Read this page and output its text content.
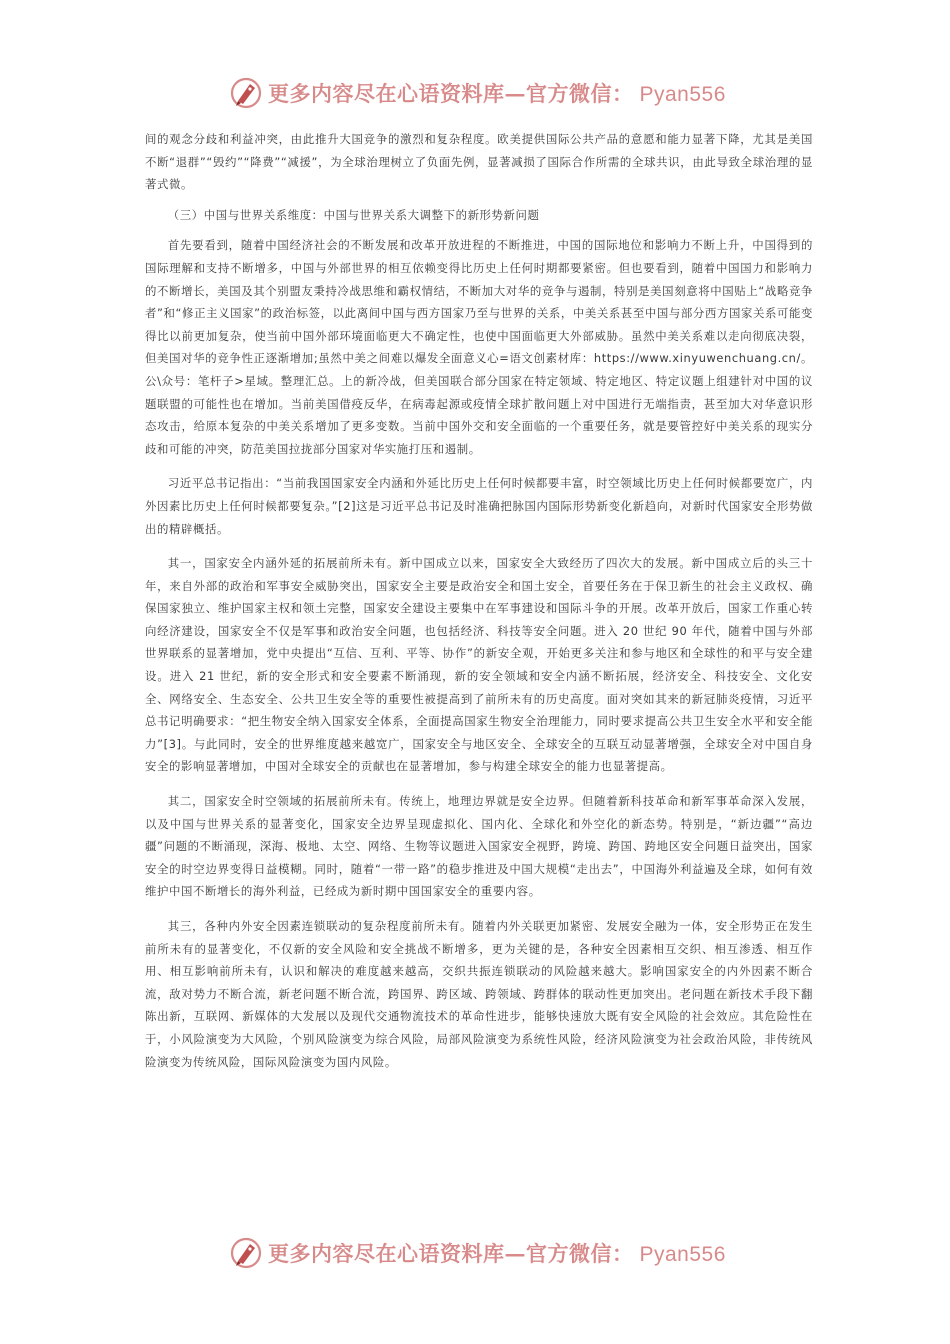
更多内容尽在心语资料库—官方微信： Pyan556

间的观念分歧和利益冲突，由此推升大国竞争的激烈和复杂程度。欧美提供国际公共产品的意愿和能力显著下降，尤其是美国不断“退群”“毁约”“降费”“减援”，为全球治理树立了负面先例，显著减损了国际合作所需的全球共识，由此导致全球治理的显著式微。

（三）中国与世界关系维度：中国与世界关系大调整下的新形势新问题

首先要看到，随着中国经济社会的不断发展和改革开放进程的不断推进，中国的国际地位和影响力不断上升，中国得到的国际理解和支持不断增多，中国与外部世界的相互依赖变得比历史上任何时期都要紧密。但也要看到，随着中国国力和影响力的不断增长，美国及其个别盟友秉持冷战思维和霸权情结，不断加大对华的竞争与遏制，特别是美国刻意将中国贴上“战略竞争者”和“修正主义国家”的政治标签，以此离间中国与西方国家乃至与世界的关系，中美关系甚至中国与部分西方国家关系可能变得比以前更加复杂，使当前中国外部环境面临更大不确定性，也使中国面临更大外部威胁。虽然中美关系难以走向彻底决裂，但美国对华的竞争性正逐渐增加;虽然中美之间难以爆发全面意义心=语文创素材库：https://www.xinyuwenchuang.cn/。公\众号：笔杆子>星域。整理汇总。上的新冷战，但美国联合部分国家在特定领域、特定地区、特定议题上组建针对中国的议题联盟的可能性也在增加。当前美国借疫反华，在病毒起源或疫情全球扩散问题上对中国进行无端指责，甚至加大对华意识形态攻击，给原本复杂的中美关系增加了更多变数。当前中国外交和安全面临的一个重要任务，就是要管控好中美关系的现实分歧和可能的冲突，防范美国拉拢部分国家对华实施打压和遏制。

习近平总书记指出：“当前我国国家安全内涵和外延比历史上任何时候都要丰富，时空领域比历史上任何时候都要宽广，内外因素比历史上任何时候都要复杂。”[2]这是习近平总书记及时准确把脉国内国际形势新变化新趋向，对新时代国家安全形势做出的精辟概括。

其一，国家安全内涵外延的拓展前所未有。新中国成立以来，国家安全大致经历了四次大的发展。新中国成立后的头三十年，来自外部的政治和军事安全威胁突出，国家安全主要是政治安全和国土安全，首要任务在于保卫新生的社会主义政权、确保国家独立、维护国家主权和领土完整，国家安全建设主要集中在军事建设和国际斗争的开展。改革开放后，国家工作重心转向经济建设，国家安全不仅是军事和政治安全问题，也包括经济、科技等安全问题。进入 20 世纪 90 年代，随着中国与外部世界联系的显著增加，党中央提出“互信、互利、平等、协作”的新安全观，开始更多关注和参与地区和全球性的和平与安全建设。进入 21 世纪，新的安全形式和安全要素不断涌现，新的安全领域和安全内涵不断拓展，经济安全、科技安全、文化安全、网络安全、生态安全、公共卫生安全等的重要性被提高到了前所未有的历史高度。面对突如其来的新冠肺炎疫情，习近平总书记明确要求：“把生物安全纳入国家安全体系，全面提高国家生物安全治理能力，同时要求提高公共卫生安全水平和安全能力”[3]。与此同时，安全的世界维度越来越宽广，国家安全与地区安全、全球安全的互联互动显著增强，全球安全对中国自身安全的影响显著增加，中国对全球安全的贡献也在显著增加，参与构建全球安全的能力也显著提高。

其二，国家安全时空领域的拓展前所未有。传统上，地理边界就是安全边界。但随着新科技革命和新军事革命深入发展，以及中国与世界关系的显著变化，国家安全边界呈现虚拟化、国内化、全球化和外空化的新态势。特别是，“新边疆”“高边疆”问题的不断涌现，深海、极地、太空、网络、生物等议题进入国家安全视野，跨境、跨国、跨地区安全问题日益突出，国家安全的时空边界变得日益模糊。同时，随着“一带一路”的稳步推进及中国大规模“走出去”，中国海外利益遍及全球，如何有效维护中国不断增长的海外利益，已经成为新时期中国国家安全的重要内容。

其三，各种内外安全因素连锁联动的复杂程度前所未有。随着内外关联更加紧密、发展安全融为一体，安全形势正在发生前所未有的显著变化，不仅新的安全风险和安全挑战不断增多，更为关键的是，各种安全因素相互交织、相互渗透、相互作用、相互影响前所未有，认识和解决的难度越来越高，交织共振连锁联动的风险越来越大。影响国家安全的内外因素不断合流，敌对势力不断合流，新老问题不断合流，跨国界、跨区域、跨领域、跨群体的联动性更加突出。老问题在新技术手段下翻陈出新，互联网、新媒体的大发展以及现代交通物流技术的革命性进步，能够快速放大既有安全风险的社会效应。其危险性在于，小风险演变为大风险，个别风险演变为综合风险，局部风险演变为系统性风险，经济风险演变为社会政治风险，非传统风险演变为传统风险，国际风险演变为国内风险。

更多内容尽在心语资料库—官方微信： Pyan556
